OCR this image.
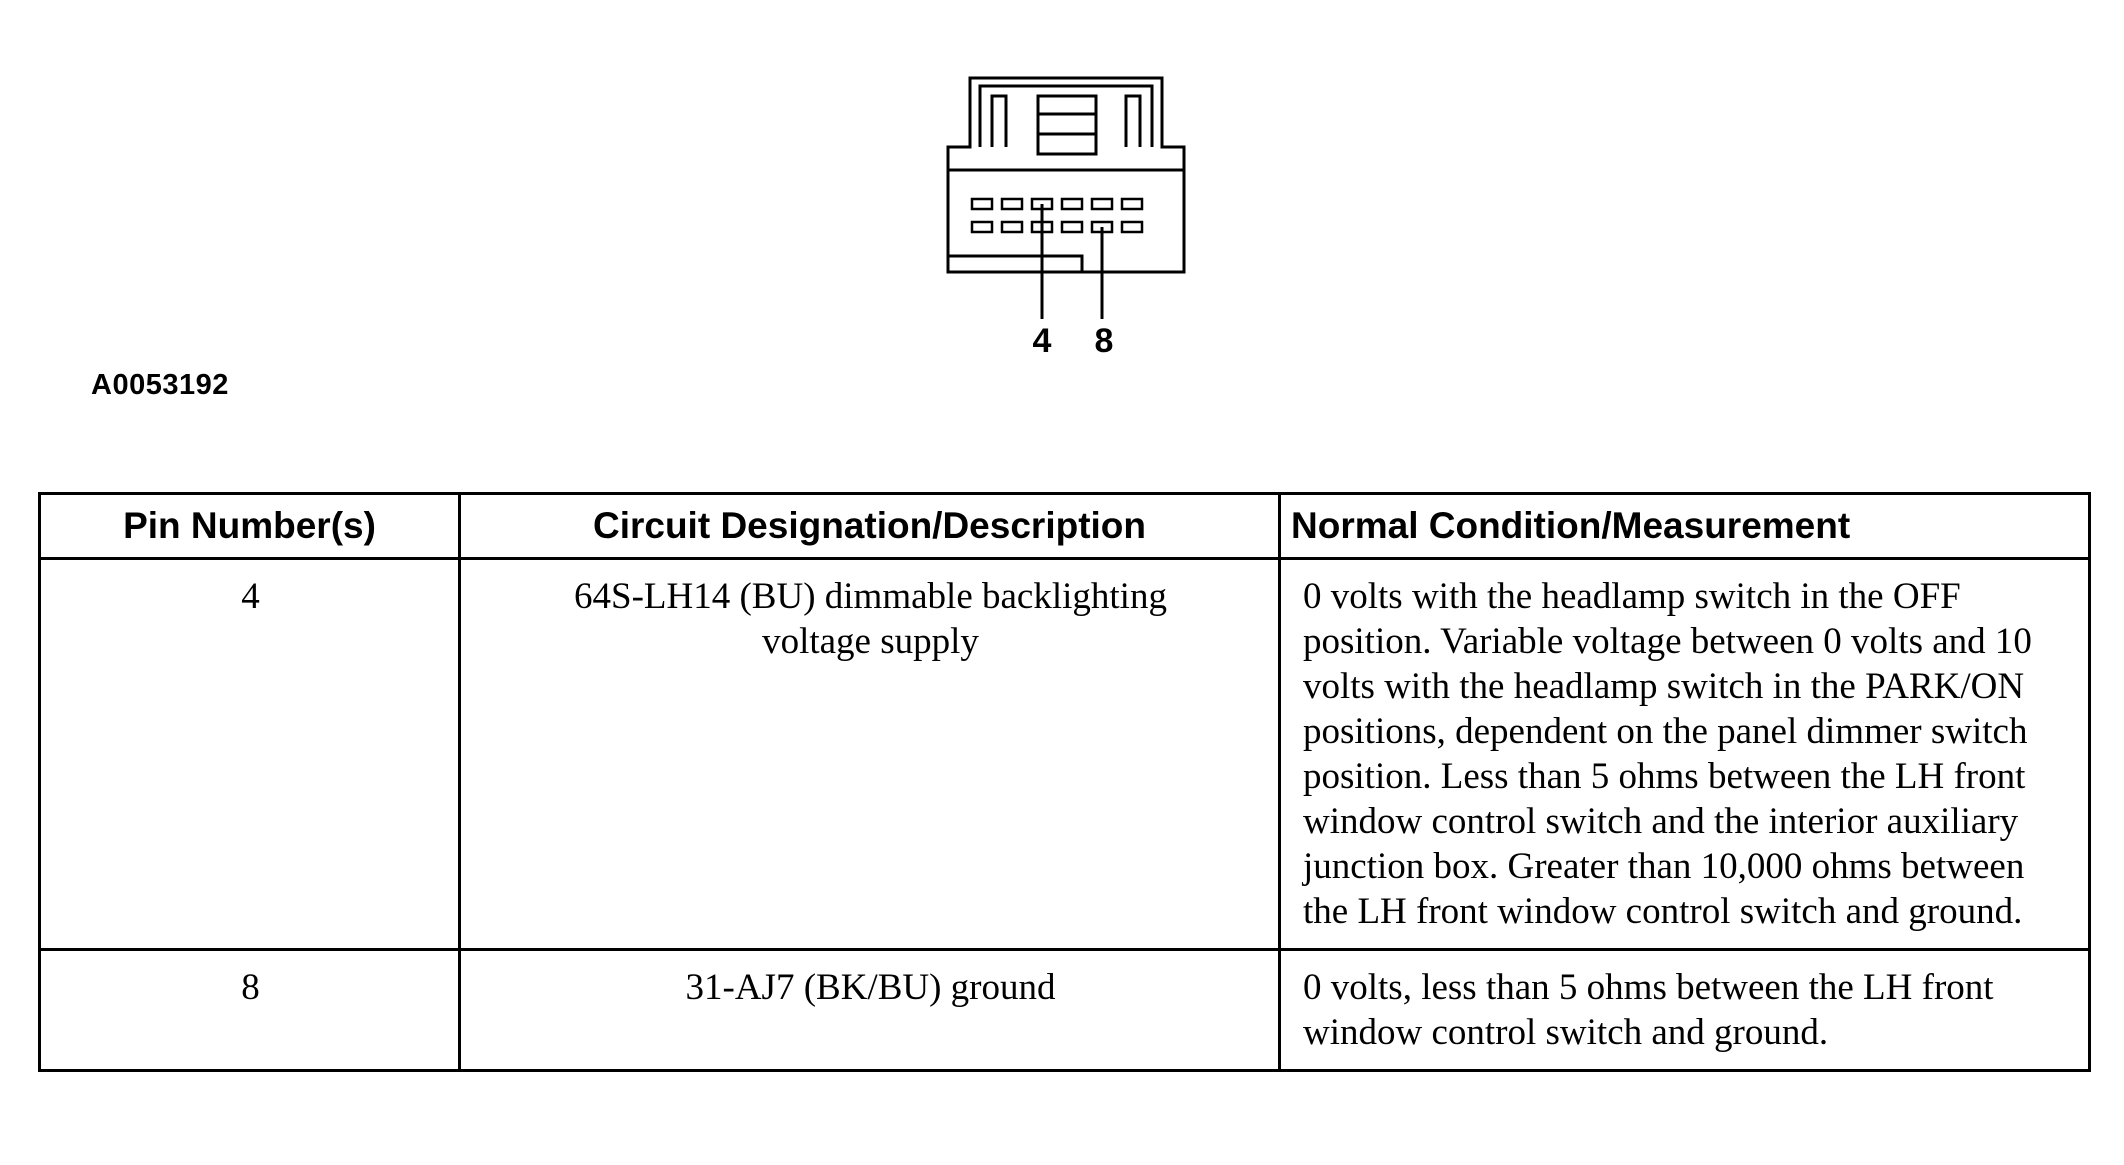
4 8
A0053192
Pin Number(s)	Circuit Designation/Description	Normal Condition/Measurement
4	64S-LH14 (BU) dimmable backlighting voltage supply	0 volts with the headlamp switch in the OFF position. Variable voltage between 0 volts and 10 volts with the headlamp switch in the PARK/ON positions, dependent on the panel dimmer switch position. Less than 5 ohms between the LH front window control switch and the interior auxiliary junction box. Greater than 10,000 ohms between the LH front window control switch and ground.
8	31-AJ7 (BK/BU) ground	0 volts, less than 5 ohms between the LH front window control switch and ground.
